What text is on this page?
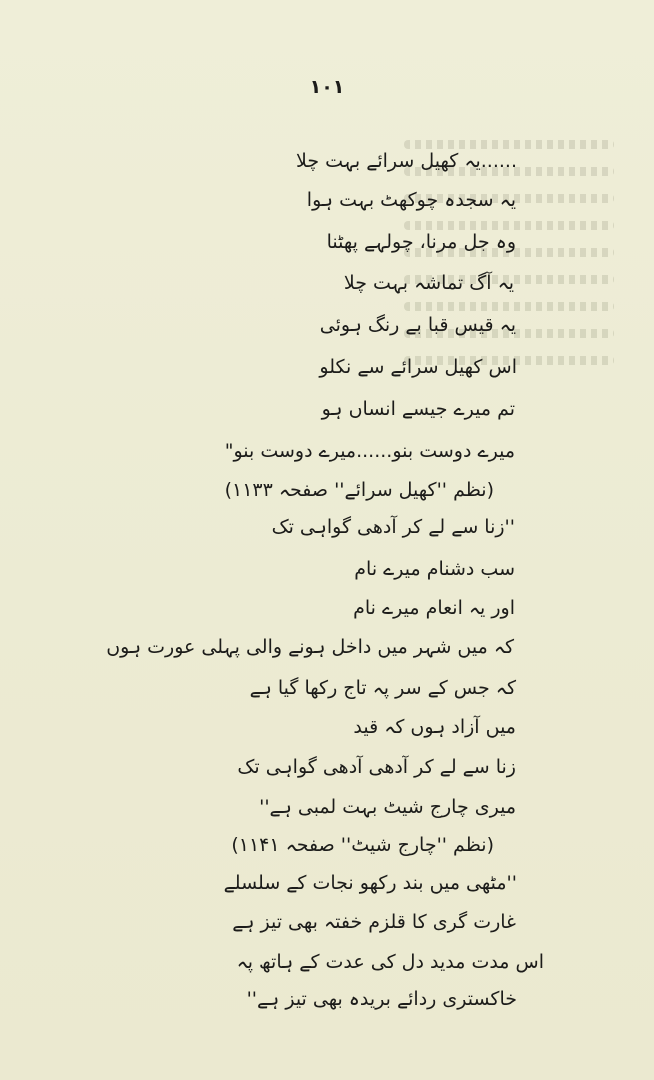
۱۰۱
......یہ کھیل سرائے بہت چلا
یہ سجدہ چوکھٹ بہت ہوا
وہ جل مرنا، چولہے پھٹنا
یہ آگ تماشہ بہت چلا
یہ قیس قبا بے رنگ ہوئی
اس کھیل سرائے سے نکلو
تم میرے جیسے انساں ہو
میرے دوست بنو......میرے دوست بنو"
(نظم ''کھیل سرائے'' صفحہ ۱۱۳۳)
''زنا سے لے کر آدھی گواہی تک
سب دشنام میرے نام
اور یہ انعام میرے نام
کہ میں شہر میں داخل ہونے والی پہلی عورت ہوں
کہ جس کے سر پہ تاج رکھا گیا ہے
میں آزاد ہوں کہ قید
زنا سے لے کر آدھی آدھی گواہی تک
میری چارج شیٹ بہت لمبی ہے''
(نظم ''چارج شیٹ'' صفحہ ۱۱۴۱)
''مٹھی میں بند رکھو نجات کے سلسلے
غارت گری کا قلزم خفتہ بھی تیز ہے
اس مدت مدید دل کی عدت کے ہاتھ پہ
خاکستری ردائے بریدہ بھی تیز ہے''
